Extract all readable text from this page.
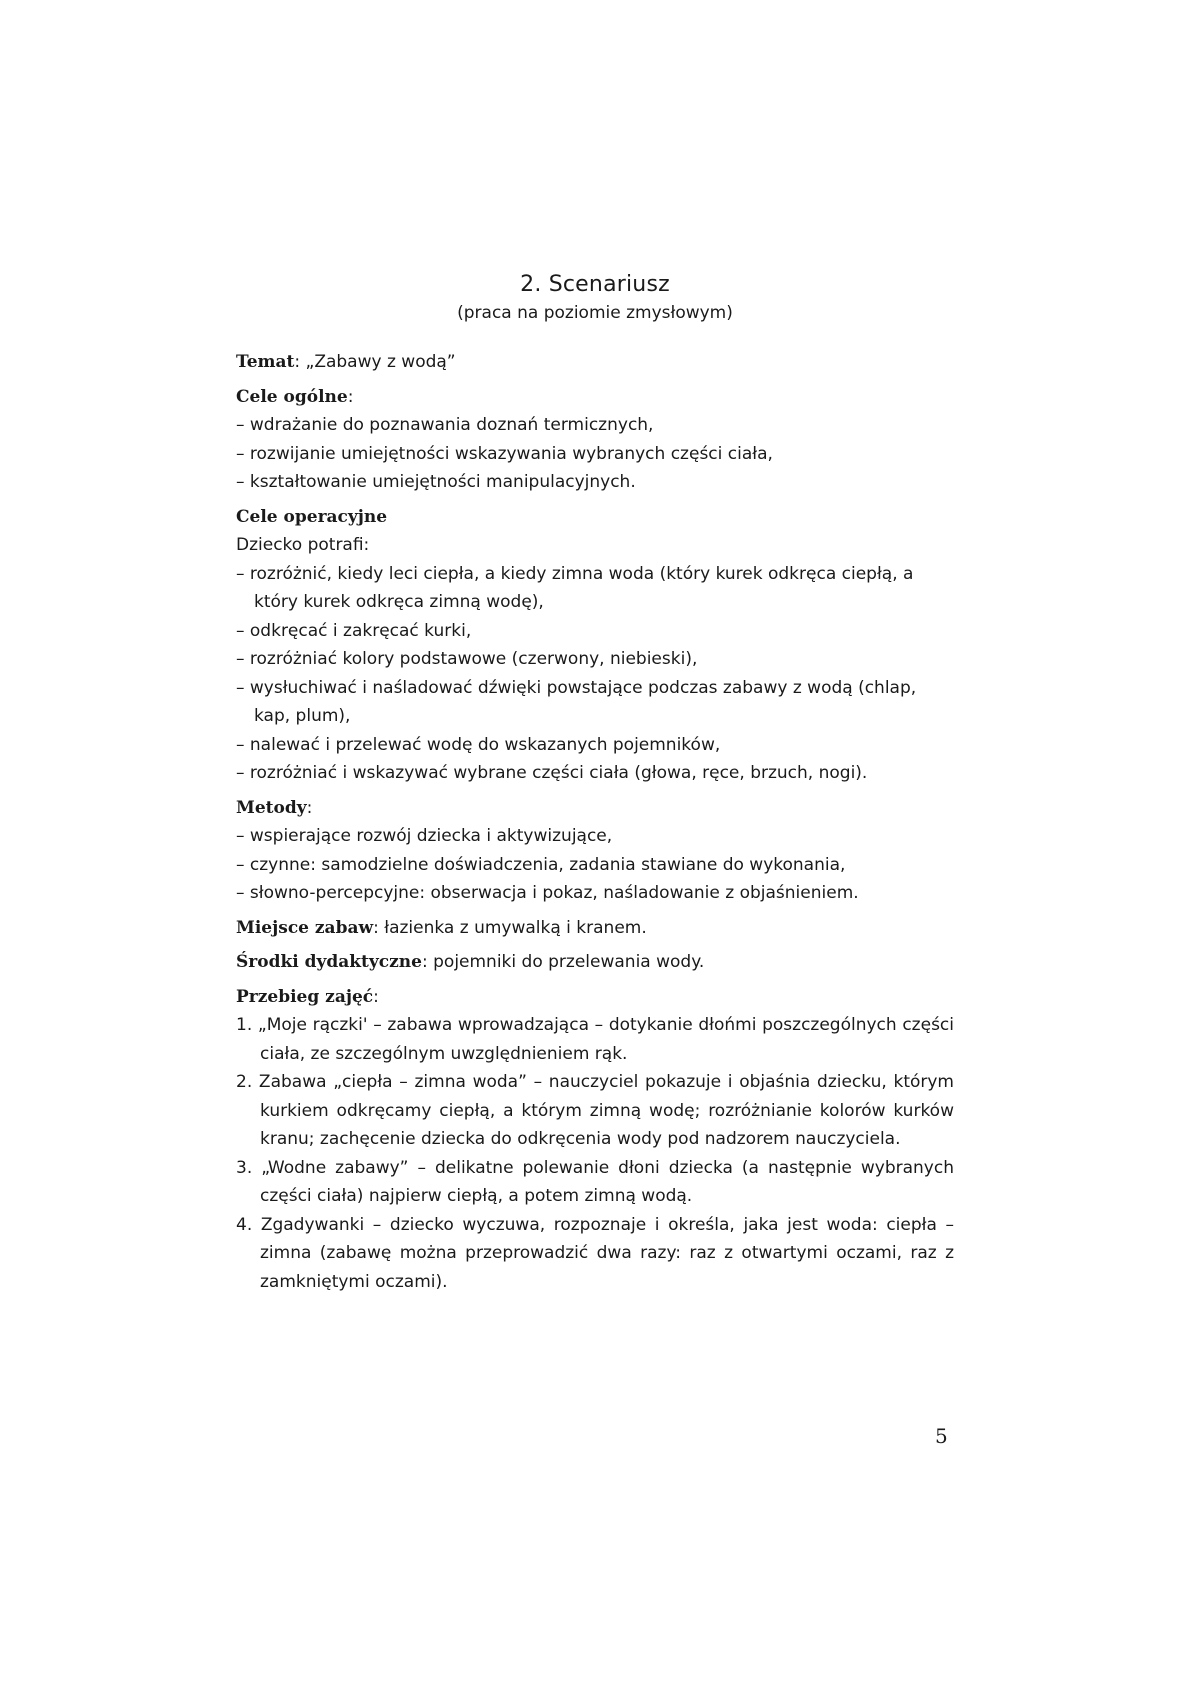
2. Scenariusz

(praca na poziomie zmysłowym)

Temat: „Zabawy z wodą”

Cele ogólne:

– wdrażanie do poznawania doznań termicznych,

– rozwijanie umiejętności wskazywania wybranych części ciała,

– kształtowanie umiejętności manipulacyjnych.

Cele operacyjne

Dziecko potrafi:

– rozróżnić, kiedy leci ciepła, a kiedy zimna woda (który kurek odkręca ciepłą, a który kurek odkręca zimną wodę),

– odkręcać i zakręcać kurki,

– rozróżniać kolory podstawowe (czerwony, niebieski),

– wysłuchiwać i naśladować dźwięki powstające podczas zabawy z wodą (chlap, kap, plum),

– nalewać i przelewać wodę do wskazanych pojemników,

– rozróżniać i wskazywać wybrane części ciała (głowa, ręce, brzuch, nogi).

Metody:

– wspierające rozwój dziecka i aktywizujące,

– czynne: samodzielne doświadczenia, zadania stawiane do wykonania,

– słowno-percepcyjne: obserwacja i pokaz, naśladowanie z objaśnieniem.

Miejsce zabaw: łazienka z umywalką i kranem.

Środki dydaktyczne: pojemniki do przelewania wody.

Przebieg zajęć:

1. „Moje rączki' – zabawa wprowadzająca – dotykanie dłońmi poszczególnych części ciała, ze szczególnym uwzględnieniem rąk.
2. Zabawa „ciepła – zimna woda” – nauczyciel pokazuje i objaśnia dziecku, którym kurkiem odkręcamy ciepłą, a którym zimną wodę; rozróżnianie kolorów kurków kranu; zachęcenie dziecka do odkręcenia wody pod nadzorem nauczyciela.
3. „Wodne zabawy” – delikatne polewanie dłoni dziecka (a następnie wybranych części ciała) najpierw ciepłą, a potem zimną wodą.
4. Zgadywanki – dziecko wyczuwa, rozpoznaje i określa, jaka jest woda: ciepła – zimna (zabawę można przeprowadzić dwa razy: raz z otwartymi oczami, raz z zamkniętymi oczami).
5
